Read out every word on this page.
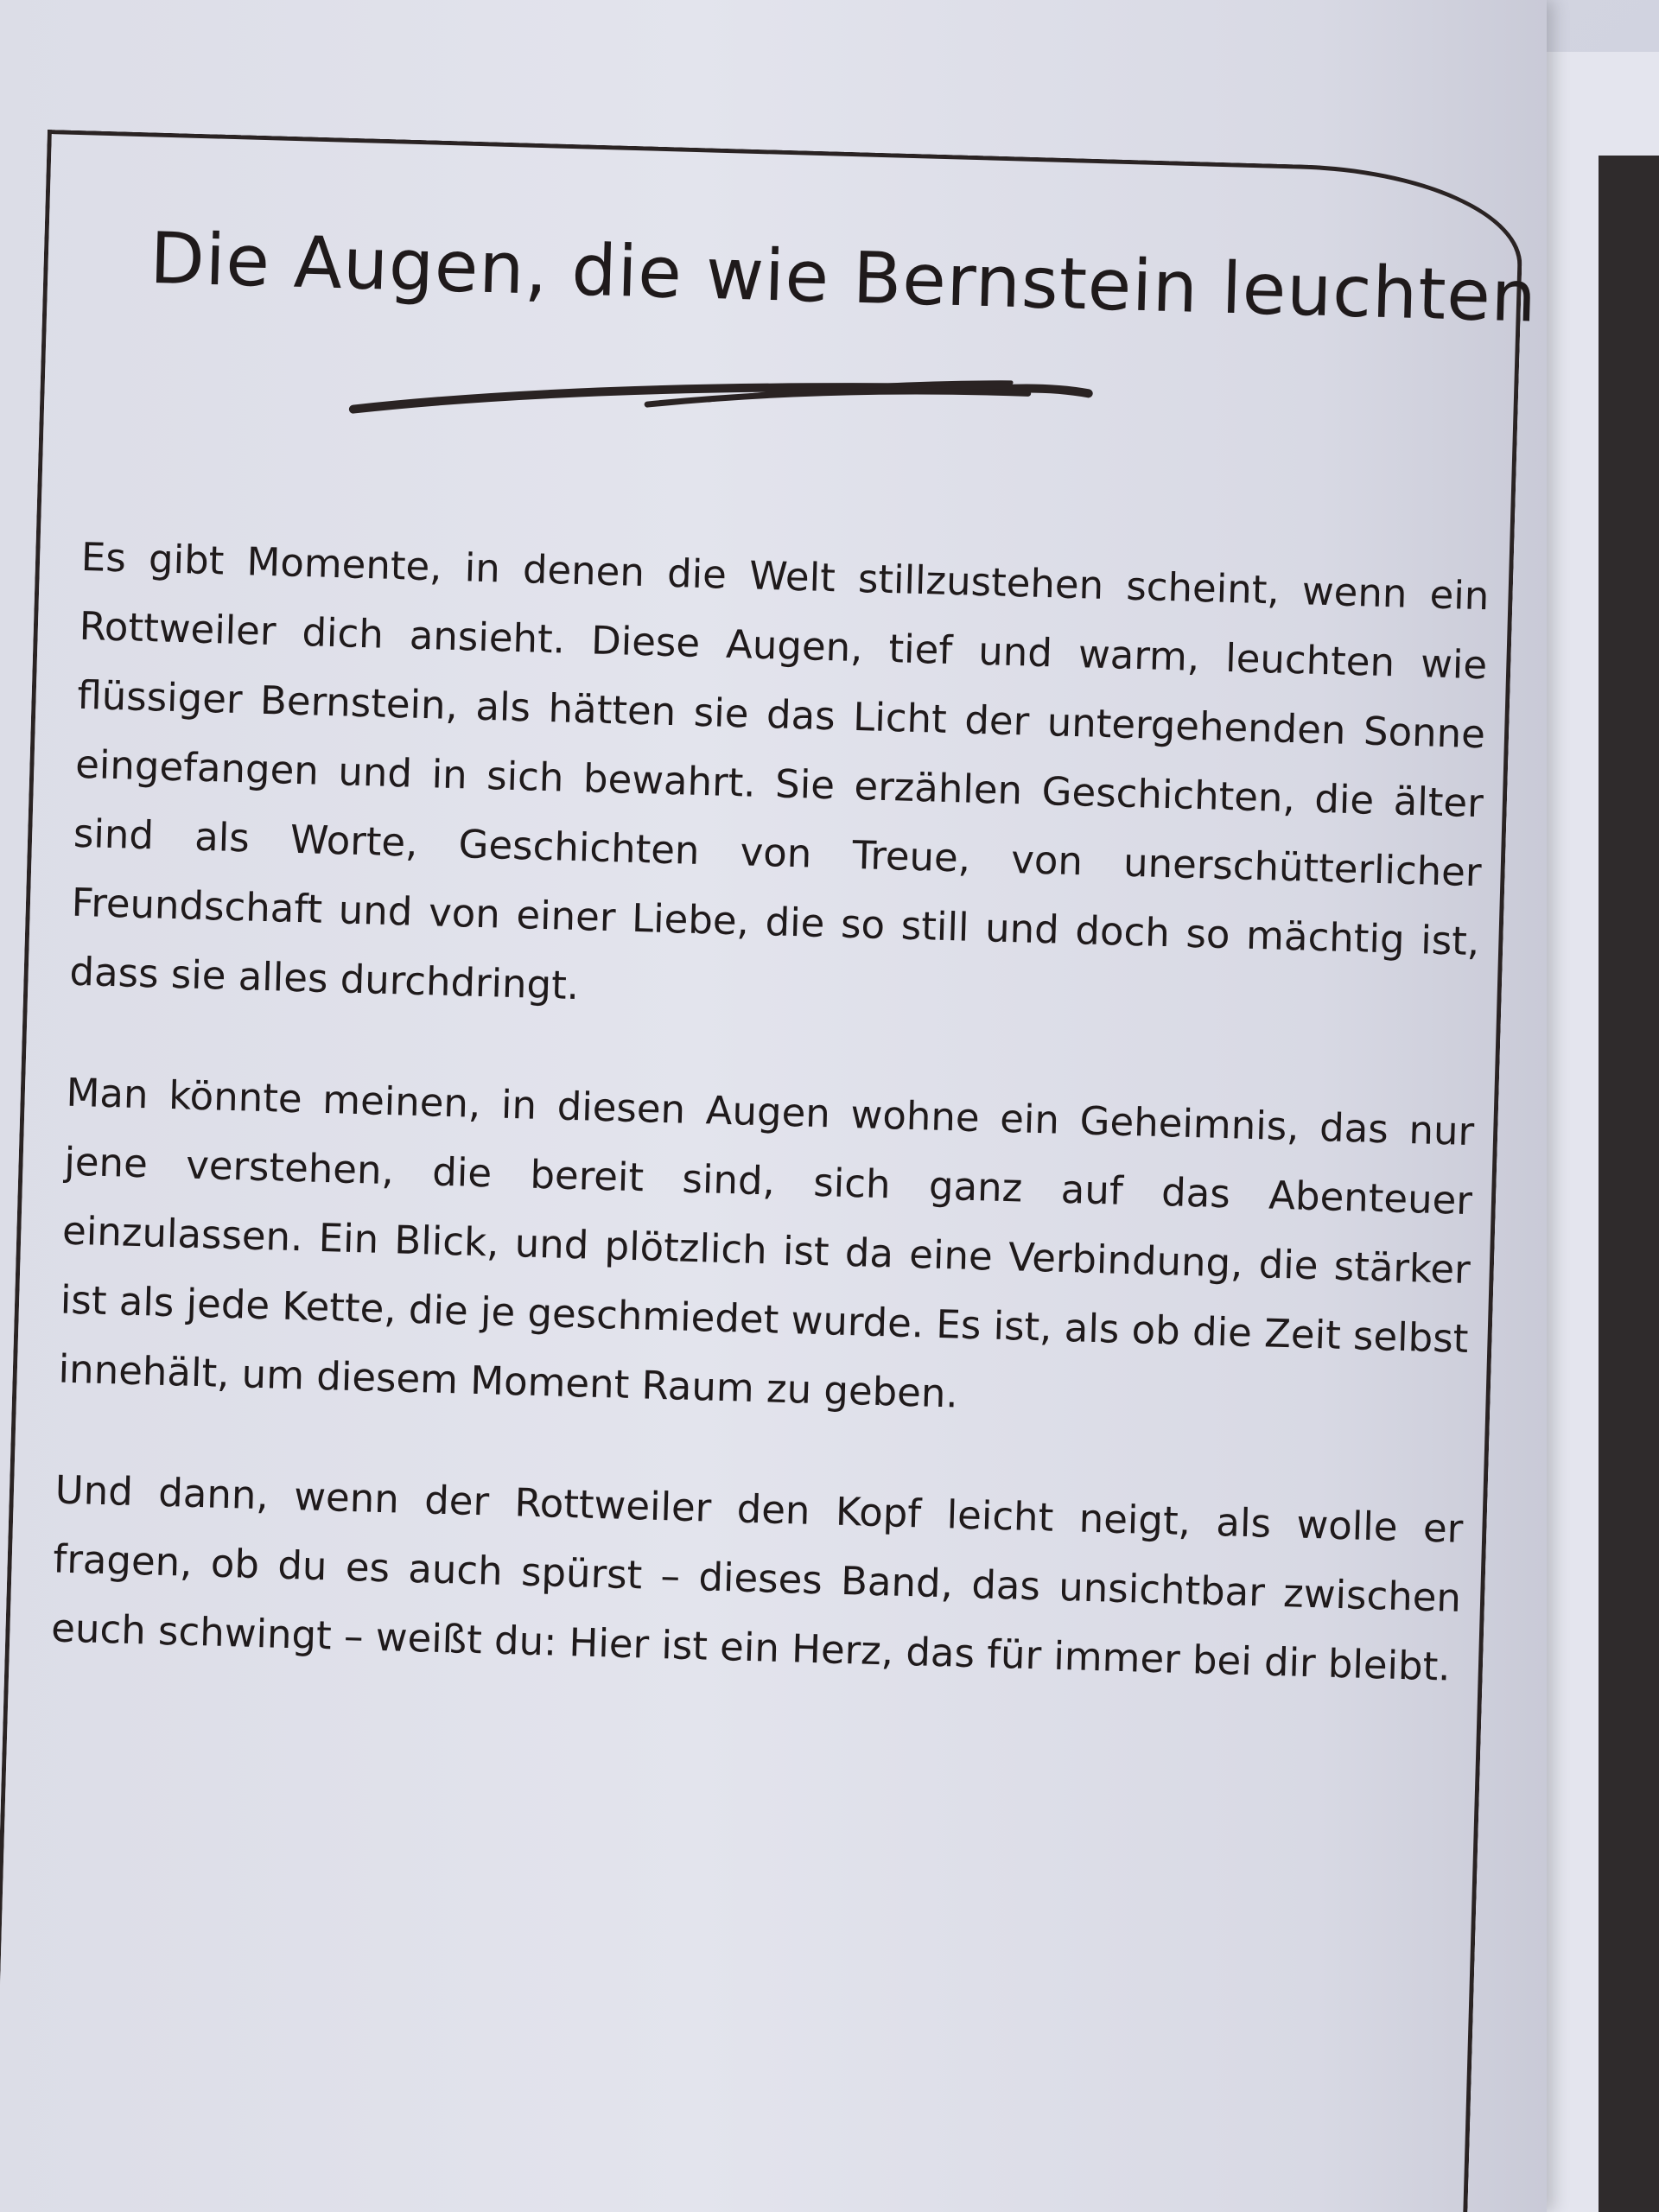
Die Augen, die wie Bernstein leuchten

Es gibt Momente, in denen die Welt stillzustehen scheint, wenn ein Rottweiler dich ansieht. Diese Augen, tief und warm, leuchten wie flüssiger Bernstein, als hätten sie das Licht der untergehenden Sonne eingefangen und in sich bewahrt. Sie erzählen Geschichten, die älter sind als Worte, Geschichten von Treue, von unerschütterlicher Freundschaft und von einer Liebe, die so still und doch so mächtig ist, dass sie alles durchdringt.

Man könnte meinen, in diesen Augen wohne ein Geheimnis, das nur jene verstehen, die bereit sind, sich ganz auf das Abenteuer einzulassen. Ein Blick, und plötzlich ist da eine Verbindung, die stärker ist als jede Kette, die je geschmiedet wurde. Es ist, als ob die Zeit selbst innehält, um diesem Moment Raum zu geben.

Und dann, wenn der Rottweiler den Kopf leicht neigt, als wolle er fragen, ob du es auch spürst – dieses Band, das unsichtbar zwischen euch schwingt – weißt du: Hier ist ein Herz, das für immer bei dir bleibt.
